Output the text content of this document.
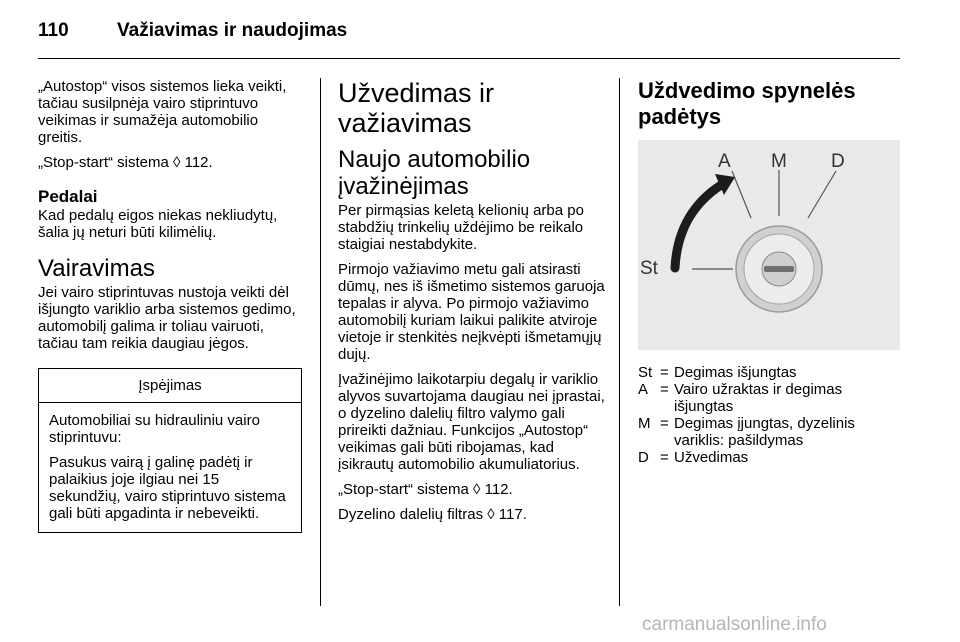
110	Važiavimas ir naudojimas

„Autostop“ visos sistemos lieka veikti, tačiau susilpnėja vairo stiprintuvo veikimas ir sumažėja automobilio greitis.

„Stop-start“ sistema ◊ 112.

Pedalai

Kad pedalų eigos niekas nekliudytų, šalia jų neturi būti kilimėlių.

Vairavimas

Jei vairo stiprintuvas nustoja veikti dėl išjungto variklio arba sistemos gedimo, automobilį galima ir toliau vairuoti, tačiau tam reikia daugiau jėgos.

Įspėjimas

Automobiliai su hidrauliniu vairo stiprintuvu:

Pasukus vairą į galinę padėtį ir palaikius joje ilgiau nei 15 sekundžių, vairo stiprintuvo sistema gali būti apgadinta ir nebeveikti.

Užvedimas ir važiavimas
Naujo automobilio įvažinėjimas

Per pirmąsias keletą kelionių arba po stabdžių trinkelių uždėjimo be reikalo staigiai nestabdykite.

Pirmojo važiavimo metu gali atsirasti dūmų, nes iš išmetimo sistemos garuoja tepalas ir alyva. Po pirmojo važiavimo automobilį kuriam laikui palikite atviroje vietoje ir stenkitės neįkvėpti išmetamųjų dujų.

Įvažinėjimo laikotarpiu degalų ir variklio alyvos suvartojama daugiau nei įprastai, o dyzelino dalelių filtro valymo gali prireikti dažniau. Funkcijos „Autostop“ veikimas gali būti ribojamas, kad įsikrautų automobilio akumuliatorius.

„Stop-start“ sistema ◊ 112.

Dyzelino dalelių filtras ◊ 117.

Uždvedimo spynelės padėtys
A M D
St
St = Degimas išjungtas
A = Vairo užraktas ir degimas išjungtas
M = Degimas įjungtas, dyzelinis variklis: pašildymas
D = Užvedimas
carmanualsonline.info
